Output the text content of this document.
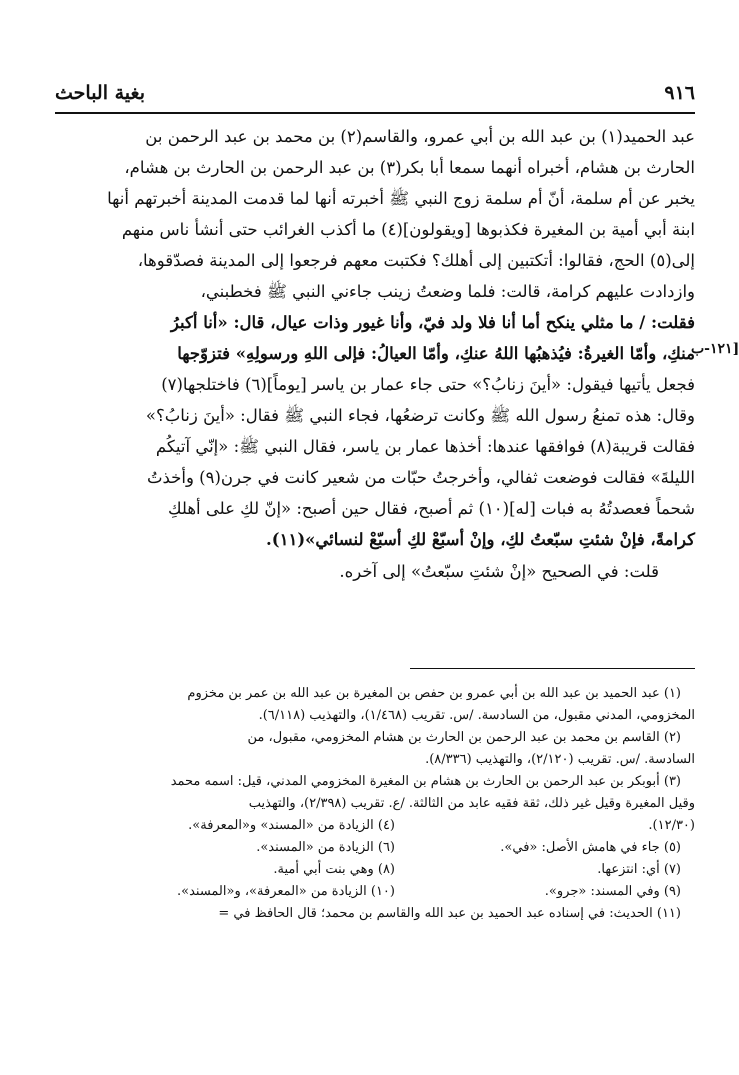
٩١٦
بغية الباحث
[١٢١-ب
عبد الحميد(١) بن عبد الله بن أبي عمرو، والقاسم(٢) بن محمد بن عبد الرحمن بن
الحارث بن هشام، أخبراه أنهما سمعا أبا بكر(٣) بن عبد الرحمن بن الحارث بن هشام،
يخبر عن أم سلمة، أنّ أم سلمة زوج النبي ﷺ أخبرته أنها لما قدمت المدينة أخبرتهم أنها
ابنة أبي أمية بن المغيرة فكذبوها [ويقولون](٤) ما أكذب الغرائب حتى أنشأ ناس منهم
إلى(٥) الحج، فقالوا: أتكتبين إلى أهلك؟ فكتبت معهم فرجعوا إلى المدينة فصدّقوها،
وازدادت عليهم كرامة، قالت: فلما وضعتُ زينب جاءني النبي ﷺ فخطبني،
فقلت: / ما مثلي ينكح أما أنا فلا ولد فيّ، وأنا غيور وذات عيال، قال: «أنا أكبرُ
منكِ، وأمّا الغيرةُ: فيُذهبُها اللهُ عنكِ، وأمّا العيالُ: فإلى اللهِ ورسولِهِ» فتزوّجها
فجعل يأتيها فيقول: «أينَ زنابُ؟» حتى جاء عمار بن ياسر [يوماً](٦) فاختلجها(٧)
وقال: هذه تمنعُ رسول الله ﷺ وكانت ترضعُها، فجاء النبي ﷺ فقال: «أينَ زنابُ؟»
فقالت قريبة(٨) فوافقها عندها: أخذها عمار بن ياسر، فقال النبي ﷺ: «إنّي آتيكُم
الليلةَ» فقالت فوضعت ثفالي، وأخرجتُ حبّات من شعير كانت في جرن(٩) وأخذتُ
شحماً فعصدتُهُ به فبات [له](١٠) ثم أصبح، فقال حين أصبح: «إنّ لكِ على أهلكِ
كرامةً، فإنْ شئتِ سبّعتُ لكِ، وإنْ أسبّعْ لكِ أسبّعْ لنسائي»(١١).
قلت: في الصحيح «إنْ شئتِ سبّعتُ» إلى آخره.
(١) عبد الحميد بن عبد الله بن أبي عمرو بن حفص بن المغيرة بن عبد الله بن عمر بن مخزوم
المخزومي، المدني مقبول، من السادسة. /س. تقريب (١/٤٦٨)، والتهذيب (٦/١١٨).
(٢) القاسم بن محمد بن عبد الرحمن بن الحارث بن هشام المخزومي، مقبول، من
السادسة. /س. تقريب (٢/١٢٠)، والتهذيب (٨/٣٣٦).
(٣) أبوبكر بن عبد الرحمن بن الحارث بن هشام بن المغيرة المخزومي المدني، قيل: اسمه محمد
وقيل المغيرة وقيل غير ذلك، ثقة فقيه عابد من الثالثة. /ع. تقريب (٢/٣٩٨)، والتهذيب
(١٢/٣٠).
(٤) الزيادة من «المسند» و«المعرفة».
(٥) جاء في هامش الأصل: «في».
(٦) الزيادة من «المسند».
(٧) أي: انتزعها.
(٨) وهي بنت أبي أمية.
(٩) وفي المسند: «جرو».
(١٠) الزيادة من «المعرفة»، و«المسند».
(١١) الحديث: في إسناده عبد الحميد بن عبد الله والقاسم بن محمد؛ قال الحافظ في =
